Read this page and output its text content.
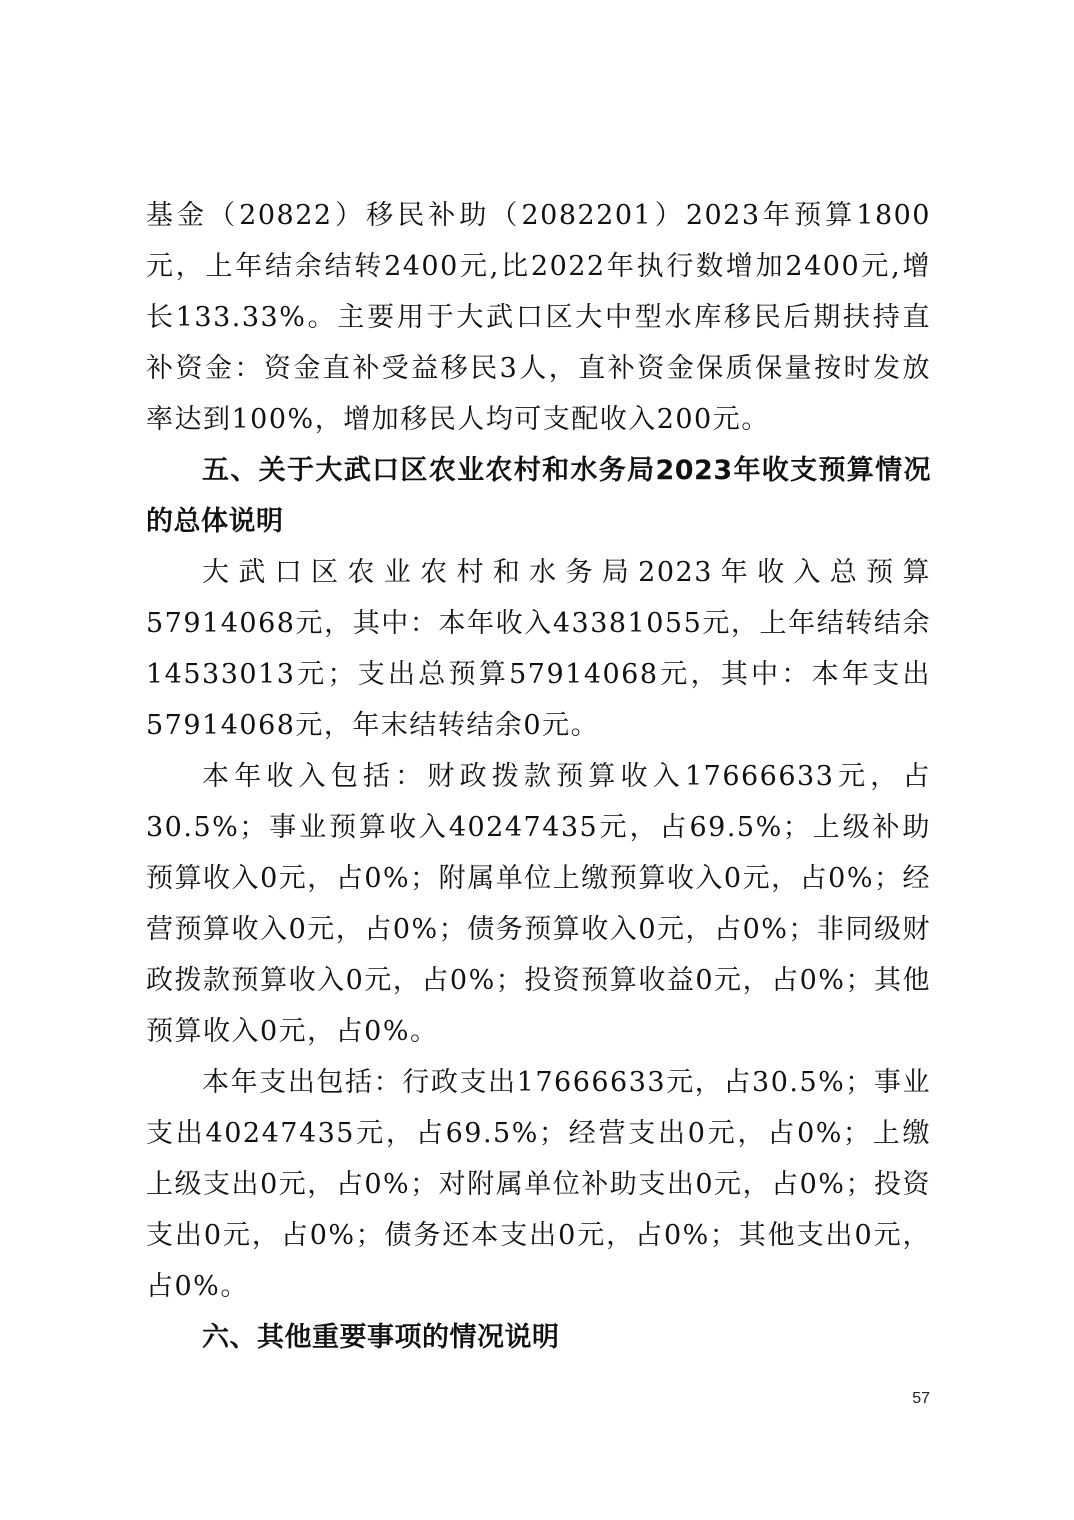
基金（20822）移民补助（2082201）2023年预算1800元，上年结余结转2400元,比2022年执行数增加2400元,增长133.33%。主要用于大武口区大中型水库移民后期扶持直补资金：资金直补受益移民3人，直补资金保质保量按时发放率达到100%，增加移民人均可支配收入200元。

五、关于大武口区农业农村和水务局2023年收支预算情况的总体说明

大武口区农业农村和水务局2023年收入总预算57914068元，其中：本年收入43381055元，上年结转结余14533013元；支出总预算57914068元，其中：本年支出57914068元，年末结转结余0元。

本年收入包括：财政拨款预算收入17666633元，占30.5%；事业预算收入40247435元，占69.5%；上级补助预算收入0元，占0%；附属单位上缴预算收入0元，占0%；经营预算收入0元，占0%；债务预算收入0元，占0%；非同级财政拨款预算收入0元，占0%；投资预算收益0元，占0%；其他预算收入0元，占0%。

本年支出包括：行政支出17666633元，占30.5%；事业支出40247435元，占69.5%；经营支出0元，占0%；上缴上级支出0元，占0%；对附属单位补助支出0元，占0%；投资支出0元，占0%；债务还本支出0元，占0%；其他支出0元，占0%。

六、其他重要事项的情况说明
57
